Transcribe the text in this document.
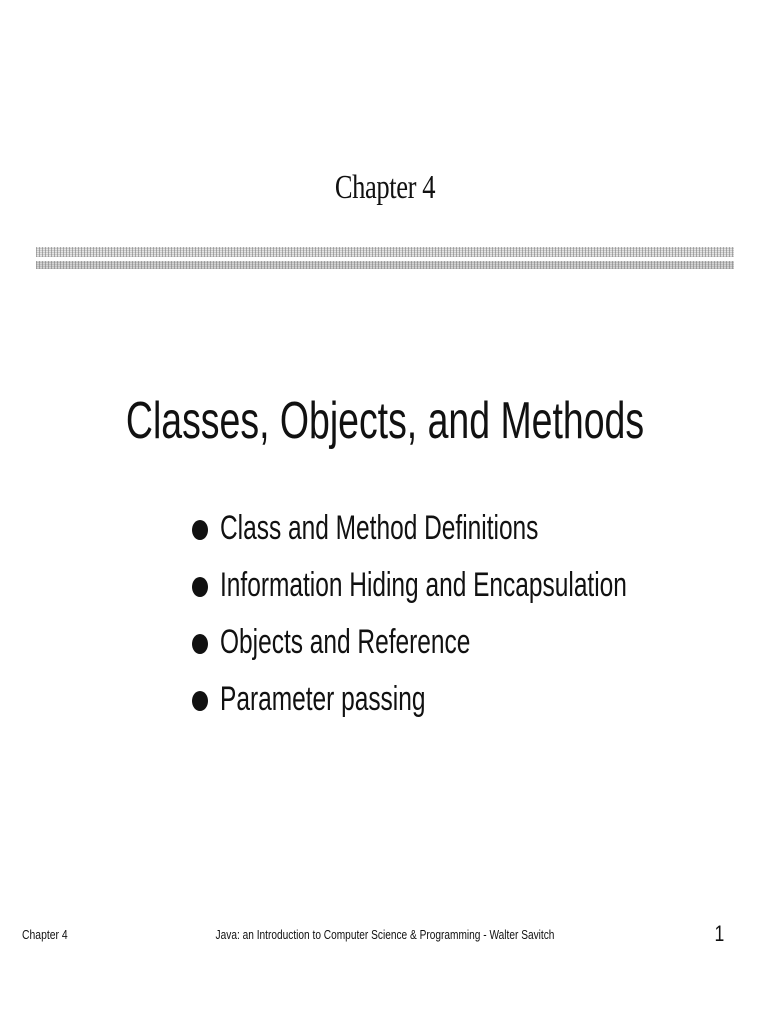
Chapter 4
Classes, Objects, and Methods
Class and Method Definitions
Information Hiding and Encapsulation
Objects and Reference
Parameter passing
Chapter 4	Java: an Introduction to Computer Science & Programming - Walter Savitch	1
